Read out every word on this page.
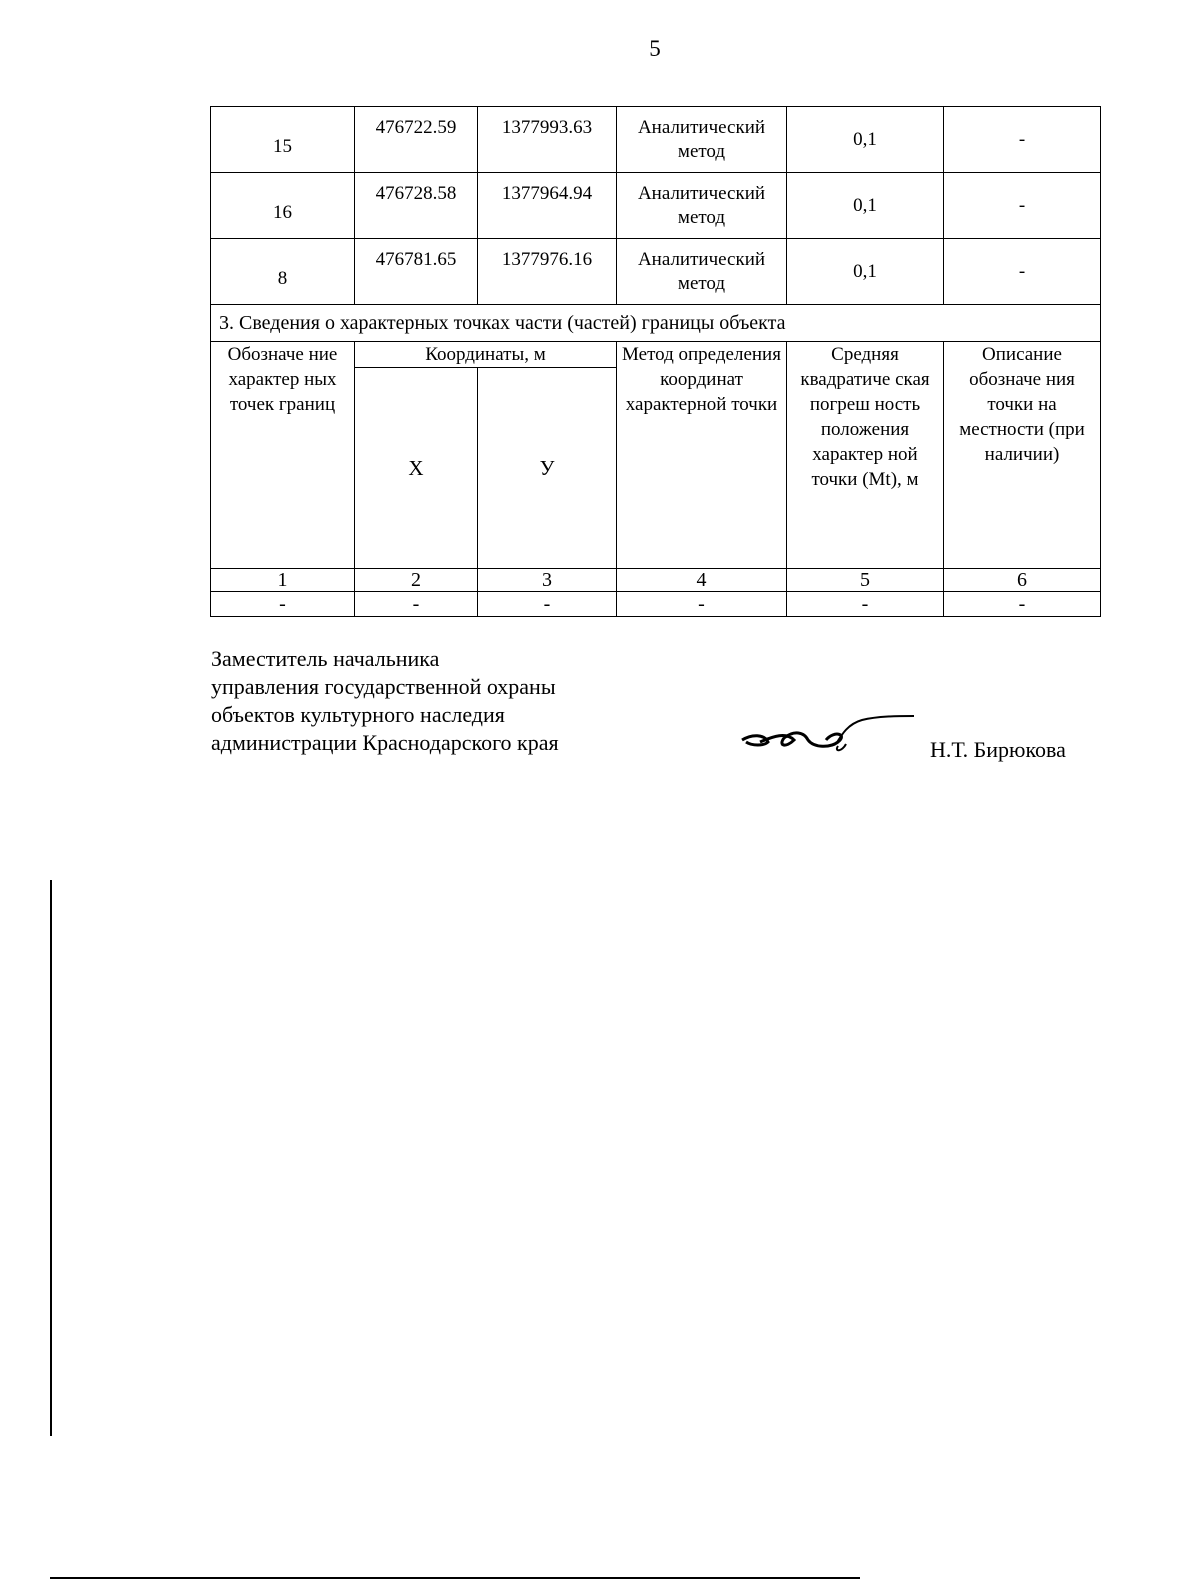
5
15	476722.59	1377993.63	Аналитический метод	0,1	-
16	476728.58	1377964.94	Аналитический метод	0,1	-
8	476781.65	1377976.16	Аналитический метод	0,1	-
3. Сведения о характерных точках части (частей) границы объекта					
Обозначе ние характер ных точек границ	Координаты, м		Метод определения координат характерной точки	Средняя квадратиче ская погреш ность положения характер ной точки (Mt), м	Описание обозначе ния точки на местности (при наличии)
	Х	У			
1	2	3	4	5	6
-	-	-	-	-	-
Заместитель начальника
управления государственной охраны
объектов культурного наследия
администрации Краснодарского края	Н.Т. Бирюкова
